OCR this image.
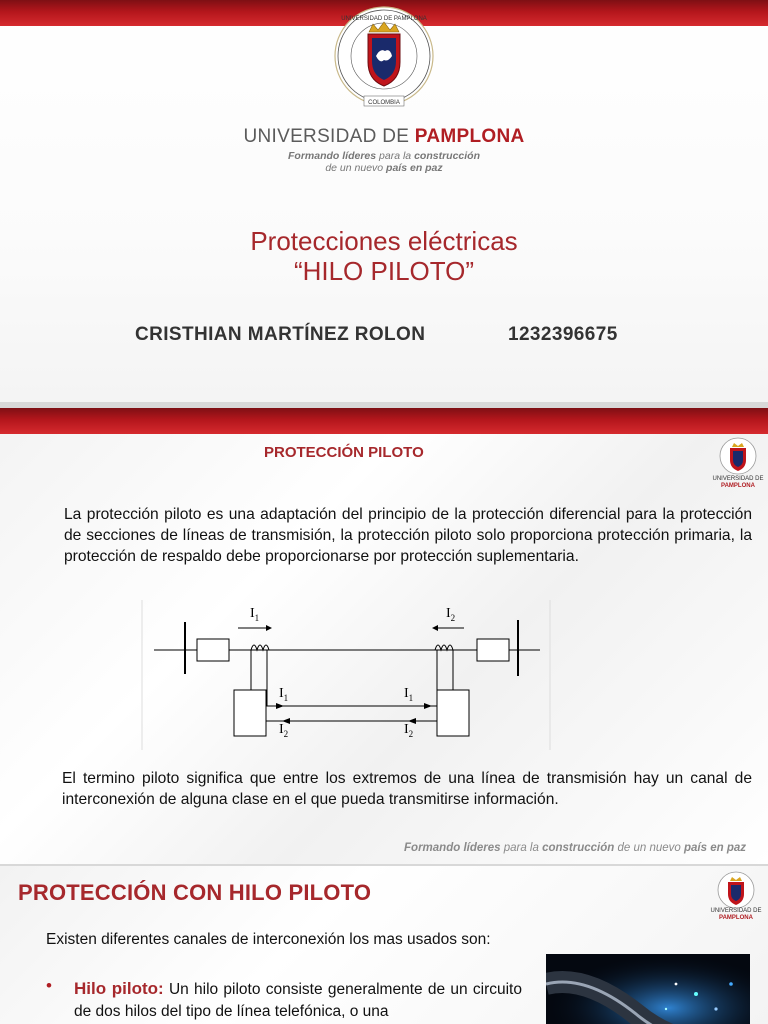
UNIVERSIDAD DE PAMPLONA
COLOMBIA
UNIVERSIDAD DE PAMPLONA
Formando líderes para la construcción
de un nuevo país en paz
Protecciones eléctricas
“HILO PILOTO”
CRISTHIAN MARTÍNEZ ROLON	1232396675
PROTECCIÓN PILOTO
UNIVERSIDAD DE
PAMPLONA
La protección piloto es una adaptación del principio de la protección diferencial para la protección de secciones de líneas de transmisión, la protección piloto solo proporciona protección primaria, la protección de respaldo debe proporcionarse por protección suplementaria.
$I_1$	$I_2$
$I_1$	$I_1$
$I_2$	$I_2$
El termino piloto significa que entre los extremos de una línea de transmisión hay un canal de interconexión de alguna clase en el que pueda transmitirse información.
Formando líderes para la construcción de un nuevo país en paz
PROTECCIÓN CON HILO PILOTO
UNIVERSIDAD DE
PAMPLONA
Existen diferentes canales de interconexión los mas usados son:
•	Hilo piloto: Un hilo piloto consiste generalmente de un circuito de dos hilos del tipo de línea telefónica, o una
